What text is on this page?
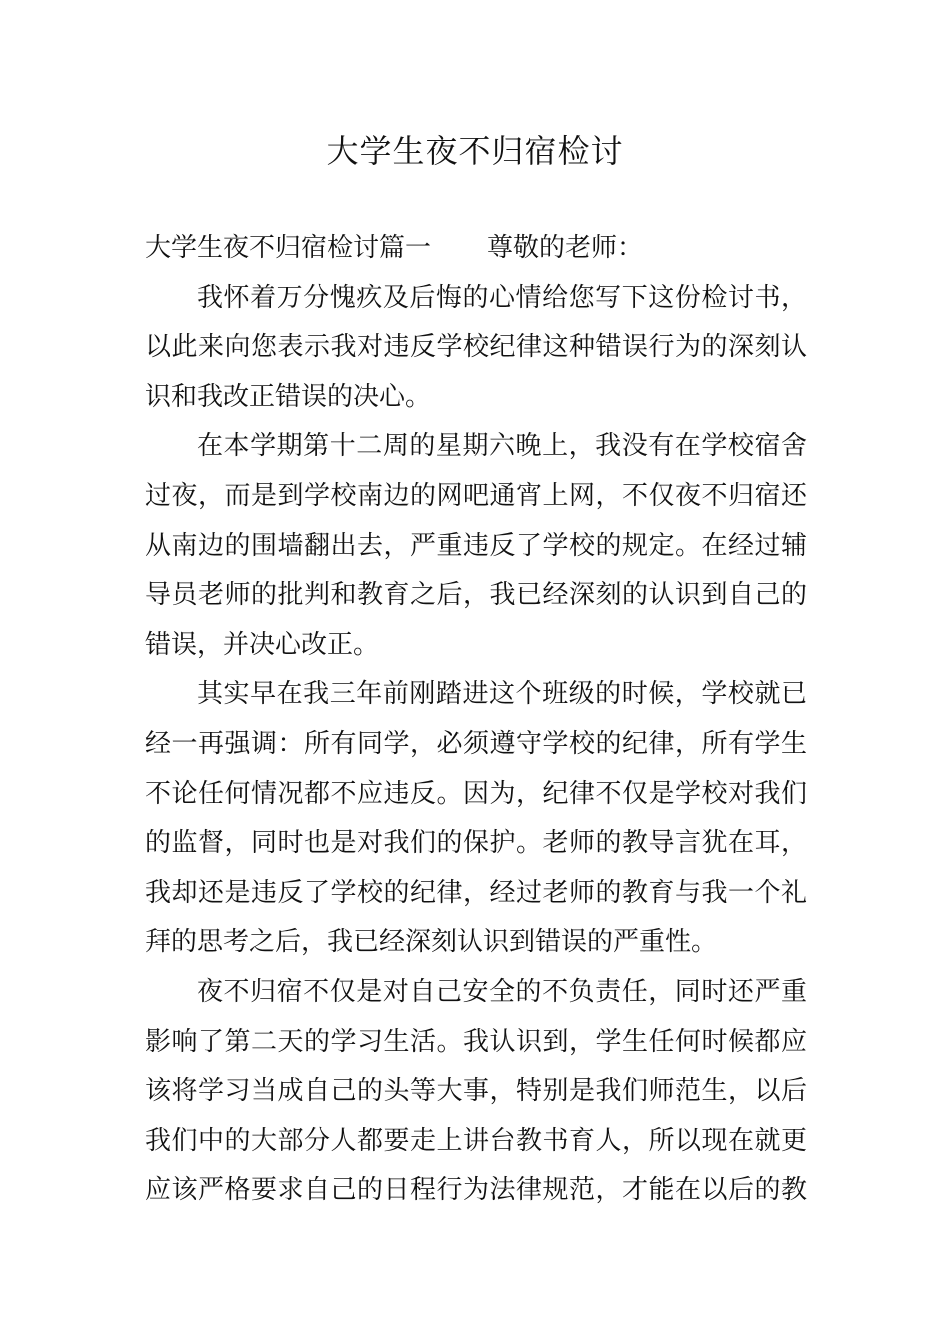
大学生夜不归宿检讨
大学生夜不归宿检讨篇一 尊敬的老师：
我怀着万分愧疚及后悔的心情给您写下这份检讨书，
以此来向您表示我对违反学校纪律这种错误行为的深刻认
识和我改正错误的决心。
在本学期第十二周的星期六晚上，我没有在学校宿舍
过夜，而是到学校南边的网吧通宵上网，不仅夜不归宿还
从南边的围墙翻出去，严重违反了学校的规定。在经过辅
导员老师的批判和教育之后，我已经深刻的认识到自己的
错误，并决心改正。
其实早在我三年前刚踏进这个班级的时候，学校就已
经一再强调：所有同学，必须遵守学校的纪律，所有学生
不论任何情况都不应违反。因为，纪律不仅是学校对我们
的监督，同时也是对我们的保护。老师的教导言犹在耳，
我却还是违反了学校的纪律，经过老师的教育与我一个礼
拜的思考之后，我已经深刻认识到错误的严重性。
夜不归宿不仅是对自己安全的不负责任，同时还严重
影响了第二天的学习生活。我认识到，学生任何时候都应
该将学习当成自己的头等大事，特别是我们师范生，以后
我们中的大部分人都要走上讲台教书育人，所以现在就更
应该严格要求自己的日程行为法律规范，才能在以后的教
